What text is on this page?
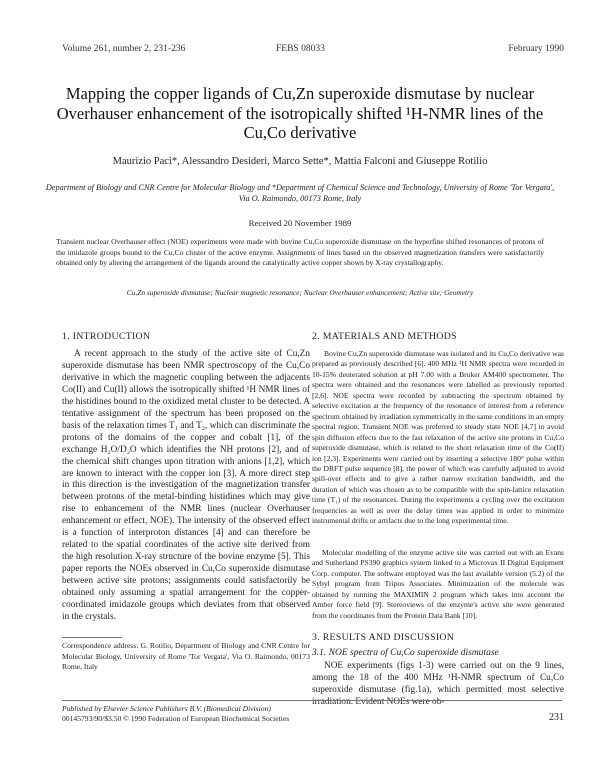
Volume 261, number 2, 231-236	FEBS 08033	February 1990
Mapping the copper ligands of Cu,Zn superoxide dismutase by nuclear Overhauser enhancement of the isotropically shifted ¹H-NMR lines of the Cu,Co derivative
Maurizio Paci*, Alessandro Desideri, Marco Sette*, Mattia Falconi and Giuseppe Rotilio
Department of Biology and CNR Centre for Molecular Biology and *Department of Chemical Science and Technology, University of Rome 'Tor Vergata', Via O. Raimondo, 00173 Rome, Italy
Received 20 November 1989
Transient nuclear Overhauser effect (NOE) experiments were made with bovine Cu,Co superoxide dismutase on the hyperfine shifted resonances of protons of the imidazole groups bound to the Cu,Co cluster of the active enzyme. Assignments of lines based on the observed magnetization transfers were satisfactorily obtained only by altering the arrangement of the ligands around the catalytically active copper shown by X-ray crystallography.
Cu,Zn superoxide dismutase; Nuclear magnetic resonance; Nuclear Overhauser enhancement; Active site; Geometry
1. INTRODUCTION
A recent approach to the study of the active site of Cu,Zn superoxide dismutase has been NMR spectroscopy of the Cu,Co derivative in which the magnetic coupling between the adjacents Co(II) and Cu(II) allows the isotropically shifted ¹H NMR lines of the histidines bound to the oxidized metal cluster to be detected. A tentative assignment of the spectrum has been proposed on the basis of the relaxation times T₁ and T₂, which can discriminate the protons of the domains of the copper and cobalt [1], of the exchange H₂O/D₂O which identifies the NH protons [2], and of the chemical shift changes upon titration with anions [1,2], which are known to interact with the copper ion [3]. A more direct step in this direction is the investigation of the magnetization transfer between protons of the metal-binding histidines which may give rise to enhancement of the NMR lines (nuclear Overhauser enhancement or effect, NOE). The intensity of the observed effect is a function of interproton distances [4] and can therefore be related to the spatial coordinates of the active site derived from the high resolution X-ray structure of the bovine enzyme [5]. This paper reports the NOEs observed in Cu,Co superoxide dismutase between active site protons; assignments could satisfactorily be obtained only assuming a spatial arrangement for the copper-coordinated imidazole groups which deviates from that observed in the crystals.
Correspondence address: G. Rotilio, Department of Biology and CNR Centre for Molecular Biology, University of Rome 'Tor Vergata', Via O. Raimondo, 00173 Rome, Italy
2. MATERIALS AND METHODS
Bovine Cu,Zn superoxide dismutase was isolated and its Cu,Co derivative was prepared as previously described [6]. 400 MHz ¹H NMR spectra were recorded in 10-15% deuterated solution at pH 7.00 with a Bruker AM400 spectrometer. The spectra were obtained and the resonances were labelled as previously reported [2,6]. NOE spectra were recorded by subtracting the spectrum obtained by selective excitation at the frequency of the resonance of interest from a reference spectrum obtained by irradiation symmetrically in the same conditions in an empty spectral region. Transient NOE was preferred to steady state NOE [4,7] to avoid spin diffusion effects due to the fast relaxation of the active site protons in Cu,Co superoxide dismutase, which is related to the short relaxation time of the Co(II) ion [2,3]. Experiments were carried out by inserting a selective 180° pulse within the DRFT pulse sequence [8], the power of which was carefully adjusted to avoid spill-over effects and to give a rather narrow excitation bandwidth, and the duration of which was chosen as to be compatible with the spin-lattice relaxation time (T₁) of the resonances. During the experiments a cycling over the excitation frequencies as well as over the delay times was applied in order to minimize instrumental drifts or artifacts due to the long experimental time.
Molecular modelling of the enzyme active site was carried out with an Evans and Sutherland PS390 graphics system linked to a Microvax II Digital Equipment Corp. computer. The software employed was the last available version (5.2) of the Sybyl program from Tripos Associates. Minimization of the molecule was obtained by running the MAXIMIN 2 program which takes into account the Amber force field [9]. Stereoviews of the enzyme's active site were generated from the coordinates from the Protein Data Bank [10].
3. RESULTS AND DISCUSSION
3.1. NOE spectra of Cu,Co superoxide dismutase
NOE experiments (figs 1-3) were carried out on the 9 lines, among the 18 of the 400 MHz ¹H-NMR spectrum of Cu,Co superoxide dismutase (fig.1a), which permitted most selective irradiation. Evident NOEs were ob-
Published by Elsevier Science Publishers B.V. (Biomedical Division)
00145793/90/$3.50 © 1990 Federation of European Biochemical Societies	231
